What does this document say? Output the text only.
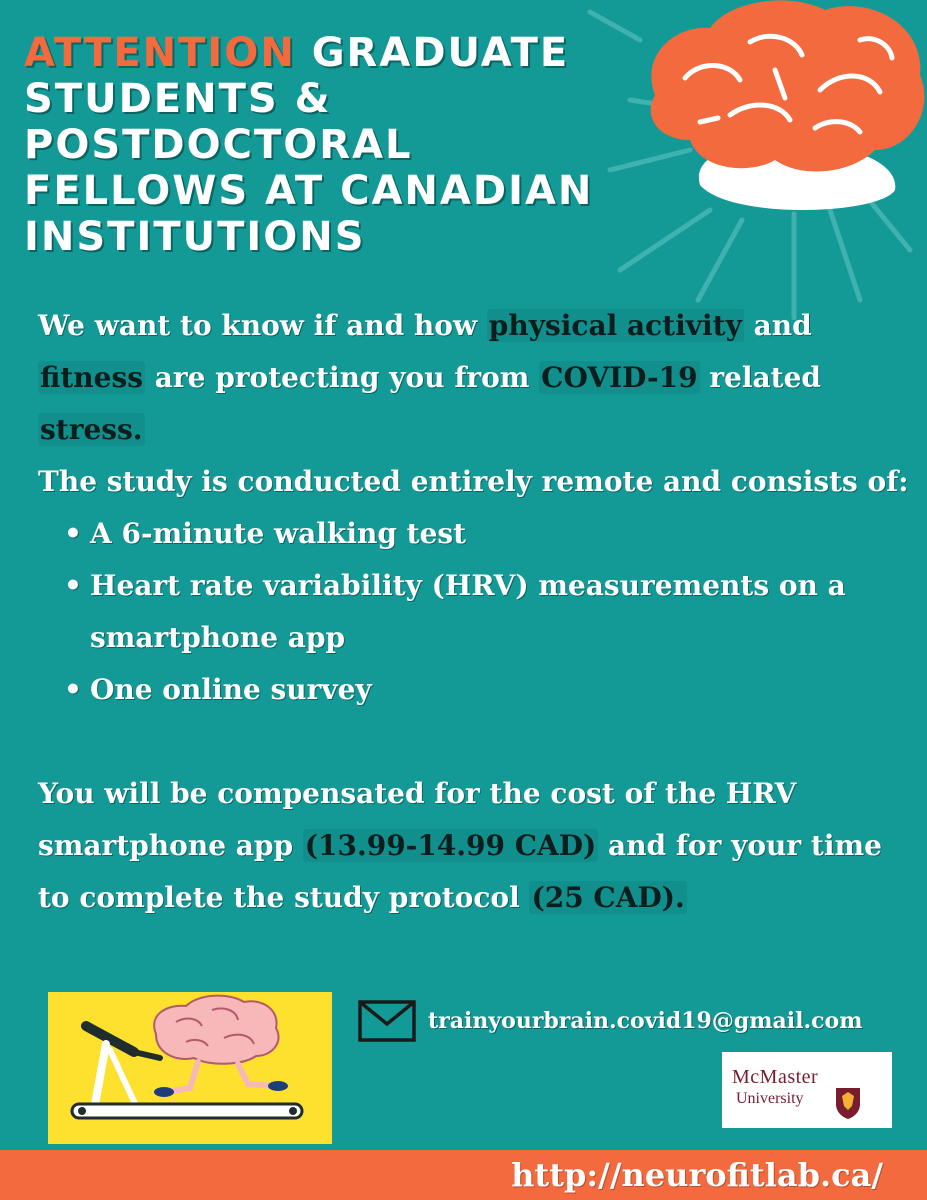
ATTENTION GRADUATE STUDENTS & POSTDOCTORAL FELLOWS AT CANADIAN INSTITUTIONS

We want to know if and how physical activity and fitness are protecting you from COVID-19 related stress.

The study is conducted entirely remote and consists of:

• A 6-minute walking test
• Heart rate variability (HRV) measurements on a smartphone app
• One online survey

You will be compensated for the cost of the HRV smartphone app (13.99-14.99 CAD) and for your time to complete the study protocol (25 CAD).

trainyourbrain.covid19@gmail.com
McMaster
University
http://neurofitlab.ca/
